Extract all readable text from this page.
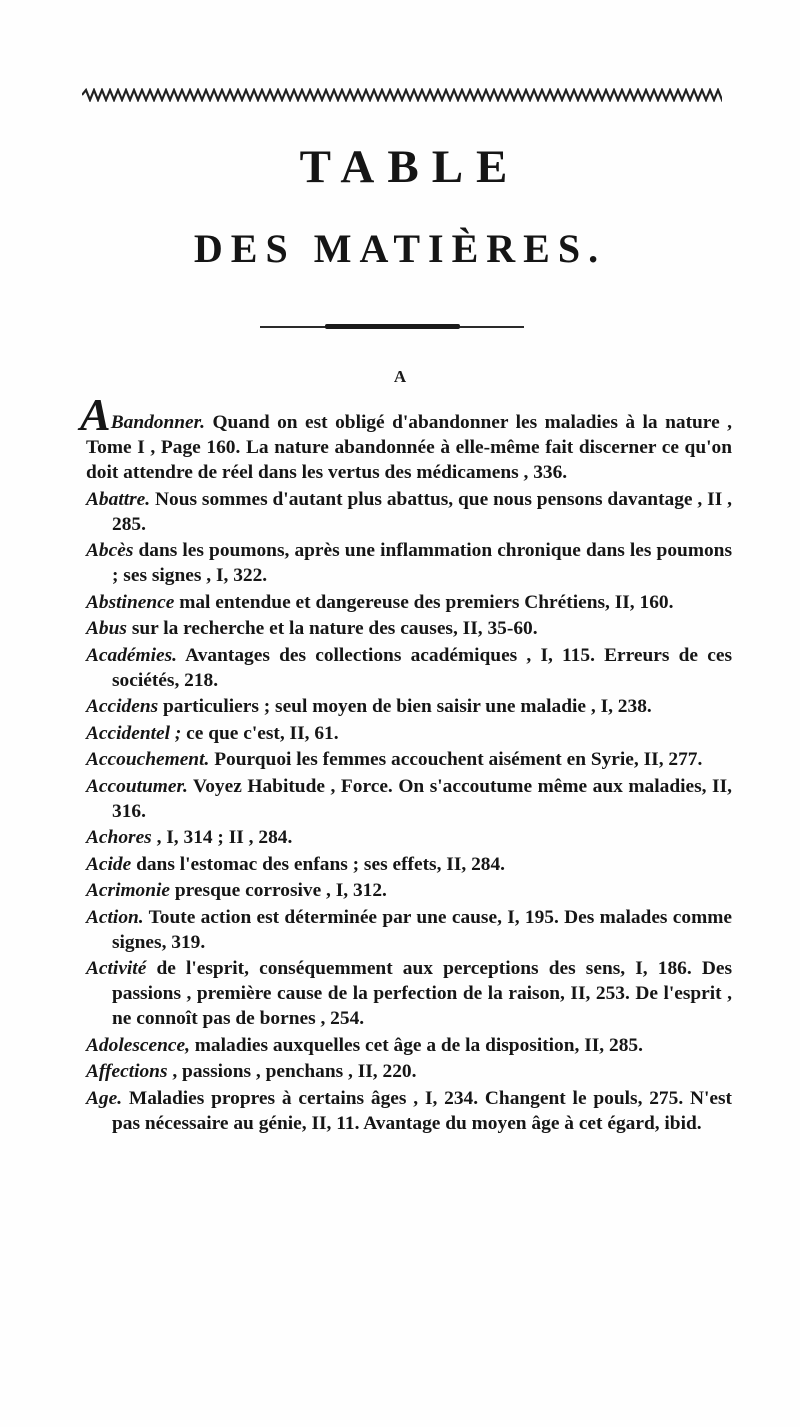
TABLE
DES MATIÈRES.
A

ABandonner. Quand on est obligé d'abandonner les maladies à la nature , Tome I , Page 160. La nature abandonnée à elle-même fait discerner ce qu'on doit attendre de réel dans les vertus des médicamens , 336.

Abattre. Nous sommes d'autant plus abattus, que nous pensons davantage , II , 285.

Abcès dans les poumons, après une inflammation chronique dans les poumons ; ses signes , I, 322.

Abstinence mal entendue et dangereuse des premiers Chrétiens, II, 160.

Abus sur la recherche et la nature des causes, II, 35-60.

Académies. Avantages des collections académiques , I, 115. Erreurs de ces sociétés, 218.

Accidens particuliers ; seul moyen de bien saisir une maladie , I, 238.

Accidentel ; ce que c'est, II, 61.

Accouchement. Pourquoi les femmes accouchent aisément en Syrie, II, 277.

Accoutumer. Voyez Habitude , Force. On s'accoutume même aux maladies, II, 316.

Achores , I, 314 ; II , 284.

Acide dans l'estomac des enfans ; ses effets, II, 284.

Acrimonie presque corrosive , I, 312.

Action. Toute action est déterminée par une cause, I, 195. Des malades comme signes, 319.

Activité de l'esprit, conséquemment aux perceptions des sens, I, 186. Des passions , première cause de la perfection de la raison, II, 253. De l'esprit , ne connoît pas de bornes , 254.

Adolescence, maladies auxquelles cet âge a de la disposition, II, 285.

Affections , passions , penchans , II, 220.

Age. Maladies propres à certains âges , I, 234. Changent le pouls, 275. N'est pas nécessaire au génie, II, 11. Avantage du moyen âge à cet égard, ibid.
